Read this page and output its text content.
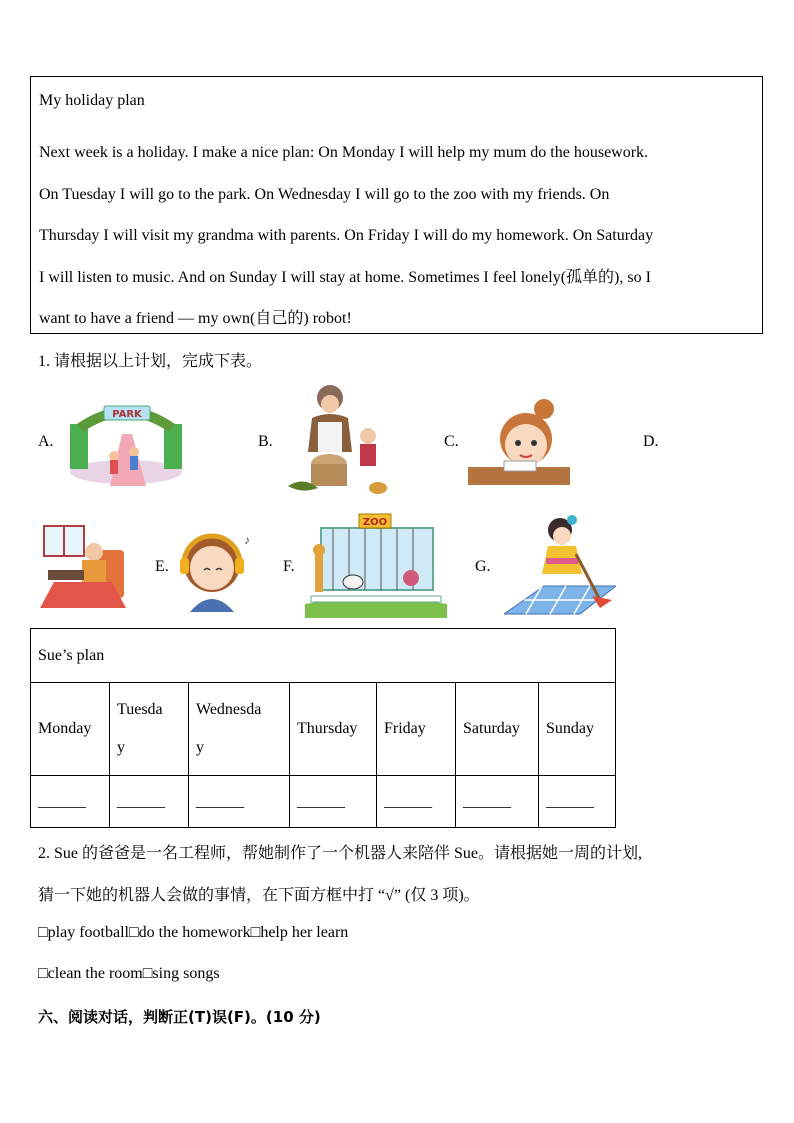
My holiday plan
Next week is a holiday. I make a nice plan: On Monday I will help my mum do the housework.
On Tuesday I will go to the park. On Wednesday I will go to the zoo with my friends. On
Thursday I will visit my grandma with parents. On Friday I will do my homework. On Saturday
I will listen to music. And on Sunday I will stay at home. Sometimes I feel lonely(孤单的), so I
want to have a friend — my own(自己的) robot!
1. 请根据以上计划，完成下表。
A.
PARK
B.	C.	D.
E.
♪
F.
ZOO
G.
Sue’s plan						
Monday	Tuesda
y	Wednesda
y	Thursday	Friday	Saturday	Sunday
______	______	______	______	______	______	______
2. Sue 的爸爸是一名工程师，帮她制作了一个机器人来陪伴 Sue。请根据她一周的计划,
猜一下她的机器人会做的事情，在下面方框中打 “√” (仅 3 项)。
□play football□do the homework□help her learn
□clean the room□sing songs
六、阅读对话，判断正(T)误(F)。(10 分)
